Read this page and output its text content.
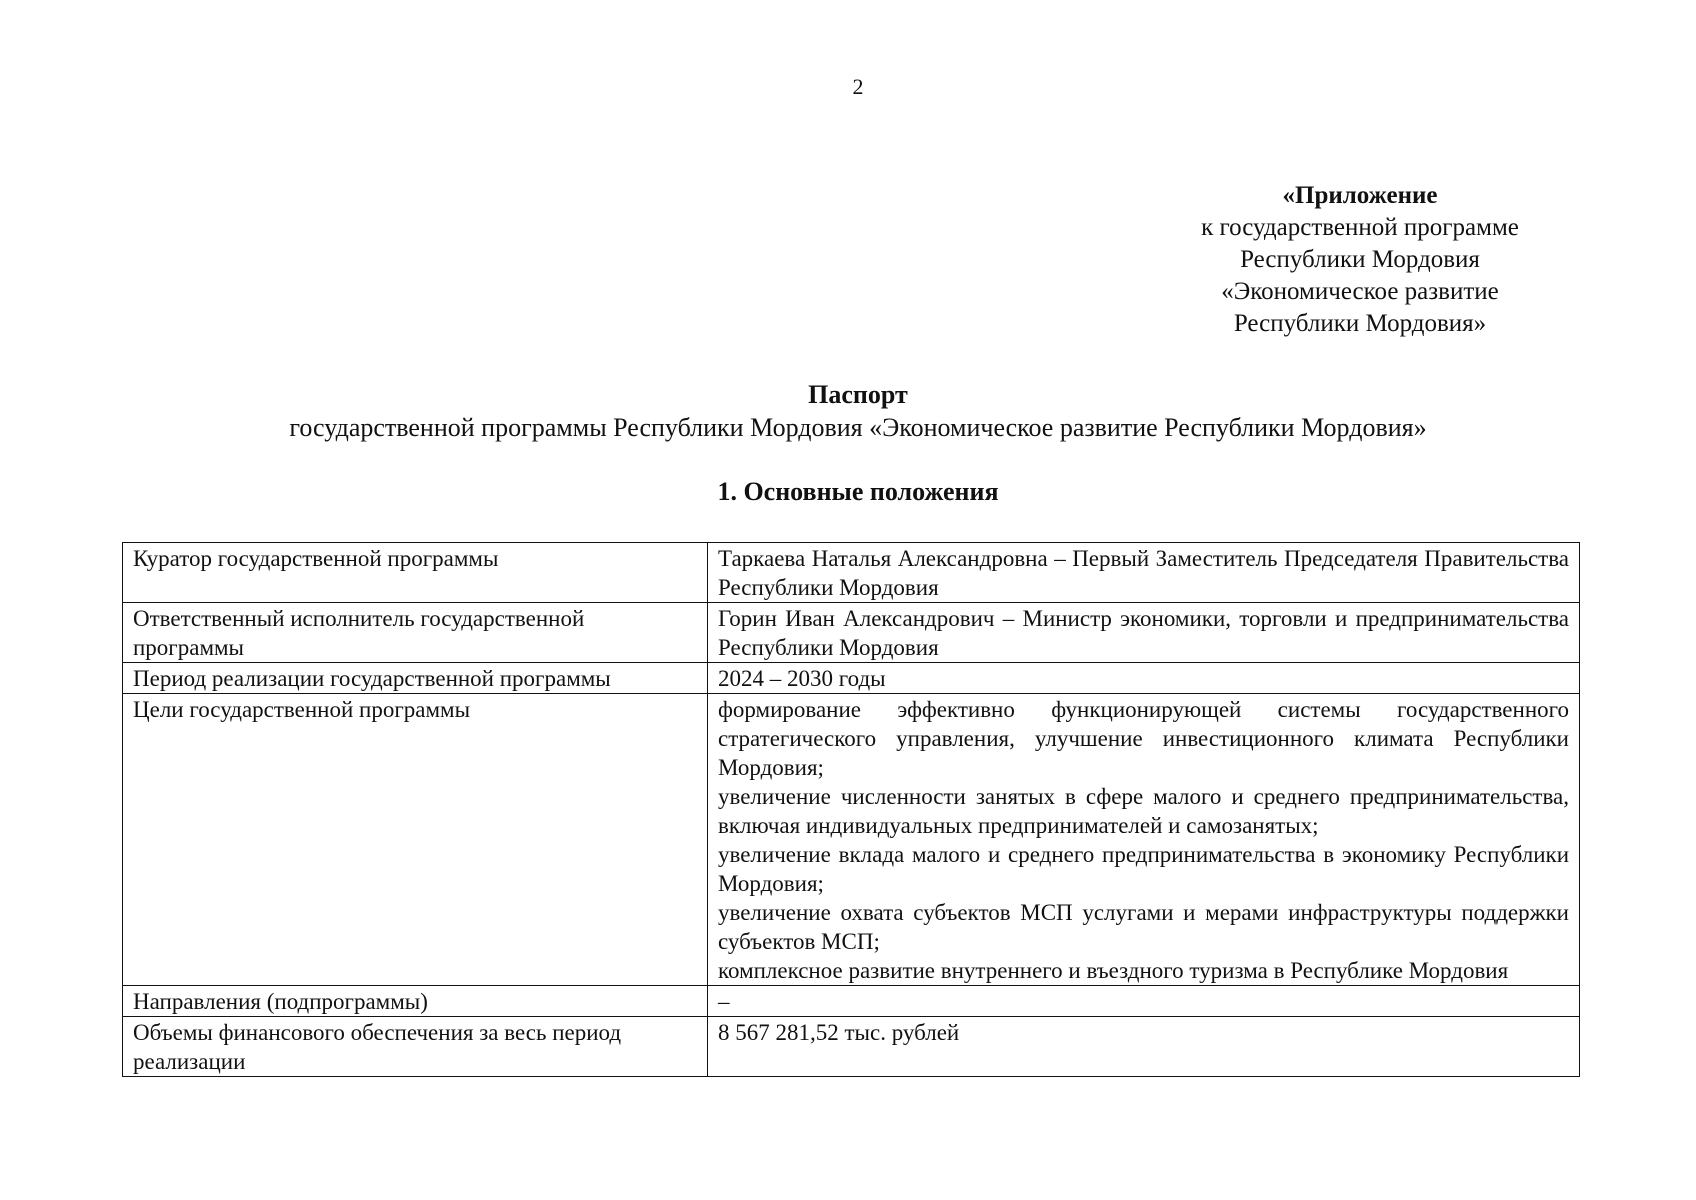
2
«Приложение
к государственной программе
Республики Мордовия
«Экономическое развитие
Республики Мордовия»
Паспорт
государственной программы Республики Мордовия «Экономическое развитие Республики Мордовия»
1. Основные положения
Куратор государственной программы	Таркаева Наталья Александровна – Первый Заместитель Председателя Правительства Республики Мордовия
Ответственный исполнитель государственной программы	Горин Иван Александрович – Министр экономики, торговли и предпринимательства Республики Мордовия
Период реализации государственной программы	2024 – 2030 годы
Цели государственной программы	формирование эффективно функционирующей системы государственного стратегического управления, улучшение инвестиционного климата Республики Мордовия;
увеличение численности занятых в сфере малого и среднего предпринимательства, включая индивидуальных предпринимателей и самозанятых;
увеличение вклада малого и среднего предпринимательства в экономику Республики Мордовия;
увеличение охвата субъектов МСП услугами и мерами инфраструктуры поддержки субъектов МСП;
комплексное развитие внутреннего и въездного туризма в Республике Мордовия

Направления (подпрограммы)	–
Объемы финансового обеспечения за весь период реализации	8 567 281,52 тыс. рублей
